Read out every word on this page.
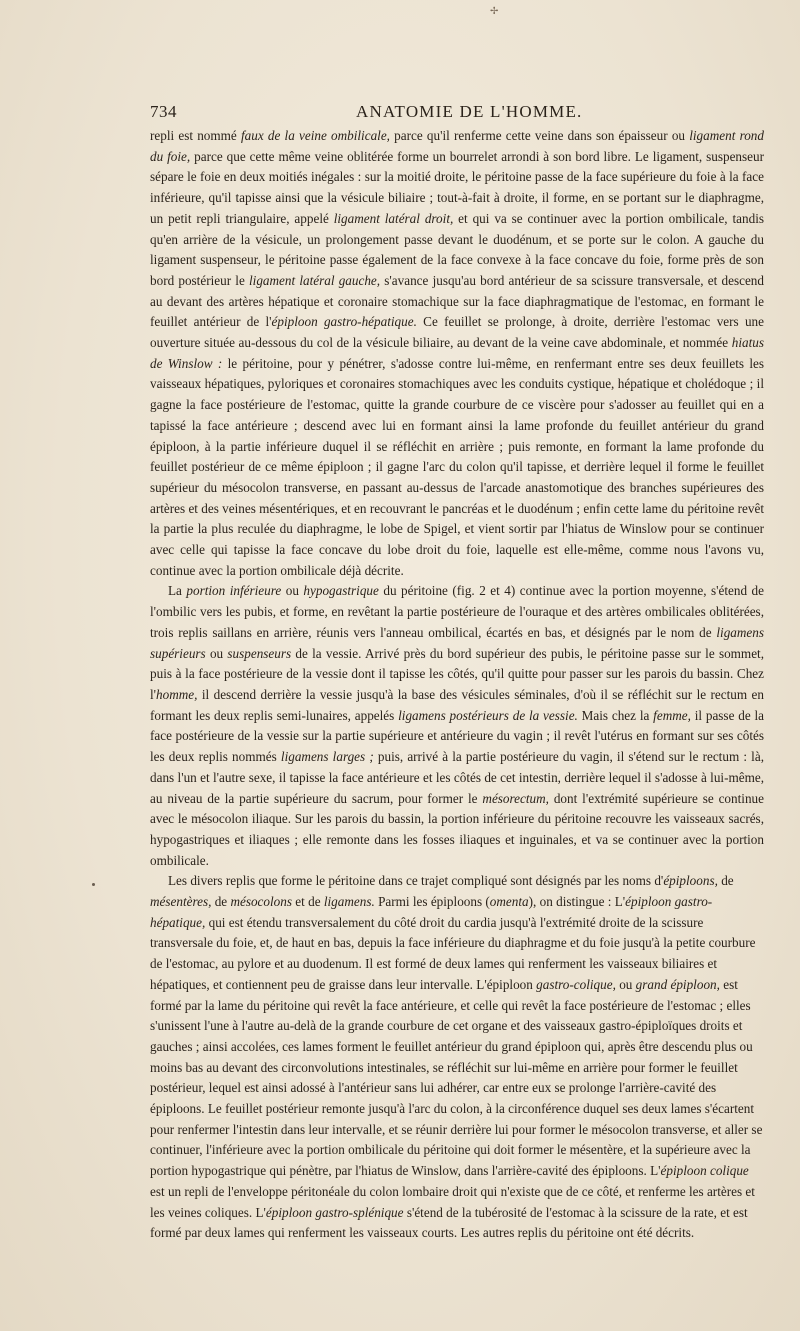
✢
734	ANATOMIE DE L'HOMME.

repli est nommé faux de la veine ombilicale, parce qu'il renferme cette veine dans son épaisseur ou ligament rond du foie, parce que cette même veine oblitérée forme un bourrelet arrondi à son bord libre. Le ligament, suspenseur sépare le foie en deux moitiés inégales : sur la moitié droite, le péritoine passe de la face supérieure du foie à la face inférieure, qu'il tapisse ainsi que la vésicule biliaire ; tout-à-fait à droite, il forme, en se portant sur le diaphragme, un petit repli triangulaire, appelé ligament latéral droit, et qui va se continuer avec la portion ombilicale, tandis qu'en arrière de la vésicule, un prolongement passe devant le duodénum, et se porte sur le colon. A gauche du ligament suspenseur, le péritoine passe également de la face convexe à la face concave du foie, forme près de son bord postérieur le ligament latéral gauche, s'avance jusqu'au bord antérieur de sa scissure transversale, et descend au devant des artères hépatique et coronaire stomachique sur la face diaphragmatique de l'estomac, en formant le feuillet antérieur de l'épiploon gastro-hépatique. Ce feuillet se prolonge, à droite, derrière l'estomac vers une ouverture située au-dessous du col de la vésicule biliaire, au devant de la veine cave abdominale, et nommée hiatus de Winslow : le péritoine, pour y pénétrer, s'adosse contre lui-même, en renfermant entre ses deux feuillets les vaisseaux hépatiques, pyloriques et coronaires stomachiques avec les conduits cystique, hépatique et cholédoque ; il gagne la face postérieure de l'estomac, quitte la grande courbure de ce viscère pour s'adosser au feuillet qui en a tapissé la face antérieure ; descend avec lui en formant ainsi la lame profonde du feuillet antérieur du grand épiploon, à la partie inférieure duquel il se réfléchit en arrière ; puis remonte, en formant la lame profonde du feuillet postérieur de ce même épiploon ; il gagne l'arc du colon qu'il tapisse, et derrière lequel il forme le feuillet supérieur du mésocolon transverse, en passant au-dessus de l'arcade anastomotique des branches supérieures des artères et des veines mésentériques, et en recouvrant le pancréas et le duodénum ; enfin cette lame du péritoine revêt la partie la plus reculée du diaphragme, le lobe de Spigel, et vient sortir par l'hiatus de Winslow pour se continuer avec celle qui tapisse la face concave du lobe droit du foie, laquelle est elle-même, comme nous l'avons vu, continue avec la portion ombilicale déjà décrite.

La portion inférieure ou hypogastrique du péritoine (fig. 2 et 4) continue avec la portion moyenne, s'étend de l'ombilic vers les pubis, et forme, en revêtant la partie postérieure de l'ouraque et des artères ombilicales oblitérées, trois replis saillans en arrière, réunis vers l'anneau ombilical, écartés en bas, et désignés par le nom de ligamens supérieurs ou suspenseurs de la vessie. Arrivé près du bord supérieur des pubis, le péritoine passe sur le sommet, puis à la face postérieure de la vessie dont il tapisse les côtés, qu'il quitte pour passer sur les parois du bassin. Chez l'homme, il descend derrière la vessie jusqu'à la base des vésicules séminales, d'où il se réfléchit sur le rectum en formant les deux replis semi-lunaires, appelés ligamens postérieurs de la vessie. Mais chez la femme, il passe de la face postérieure de la vessie sur la partie supérieure et antérieure du vagin ; il revêt l'utérus en formant sur ses côtés les deux replis nommés ligamens larges ; puis, arrivé à la partie postérieure du vagin, il s'étend sur le rectum : là, dans l'un et l'autre sexe, il tapisse la face antérieure et les côtés de cet intestin, derrière lequel il s'adosse à lui-même, au niveau de la partie supérieure du sacrum, pour former le mésorectum, dont l'extrémité supérieure se continue avec le mésocolon iliaque. Sur les parois du bassin, la portion inférieure du péritoine recouvre les vaisseaux sacrés, hypogastriques et iliaques ; elle remonte dans les fosses iliaques et inguinales, et va se continuer avec la portion ombilicale.

Les divers replis que forme le péritoine dans ce trajet compliqué sont désignés par les noms d'épiploons, de mésentères, de mésocolons et de ligamens. Parmi les épiploons (omenta), on distingue : L'épiploon gastro-hépatique, qui est étendu transversalement du côté droit du cardia jusqu'à l'extrémité droite de la scissure transversale du foie, et, de haut en bas, depuis la face inférieure du diaphragme et du foie jusqu'à la petite courbure de l'estomac, au pylore et au duodenum. Il est formé de deux lames qui renferment les vaisseaux biliaires et hépatiques, et contiennent peu de graisse dans leur intervalle. L'épiploon gastro-colique, ou grand épiploon, est formé par la lame du péritoine qui revêt la face antérieure, et celle qui revêt la face postérieure de l'estomac ; elles s'unissent l'une à l'autre au-delà de la grande courbure de cet organe et des vaisseaux gastro-épiploïques droits et gauches ; ainsi accolées, ces lames forment le feuillet antérieur du grand épiploon qui, après être descendu plus ou moins bas au devant des circonvolutions intestinales, se réfléchit sur lui-même en arrière pour former le feuillet postérieur, lequel est ainsi adossé à l'antérieur sans lui adhérer, car entre eux se prolonge l'arrière-cavité des épiploons. Le feuillet postérieur remonte jusqu'à l'arc du colon, à la circonférence duquel ses deux lames s'écartent pour renfermer l'intestin dans leur intervalle, et se réunir derrière lui pour former le mésocolon transverse, et aller se continuer, l'inférieure avec la portion ombilicale du péritoine qui doit former le mésentère, et la supérieure avec la portion hypogastrique qui pénètre, par l'hiatus de Winslow, dans l'arrière-cavité des épiploons. L'épiploon colique est un repli de l'enveloppe péritonéale du colon lombaire droit qui n'existe que de ce côté, et renferme les artères et les veines coliques. L'épiploon gastro-splénique s'étend de la tubérosité de l'estomac à la scissure de la rate, et est formé par deux lames qui renferment les vaisseaux courts. Les autres replis du péritoine ont été décrits.
